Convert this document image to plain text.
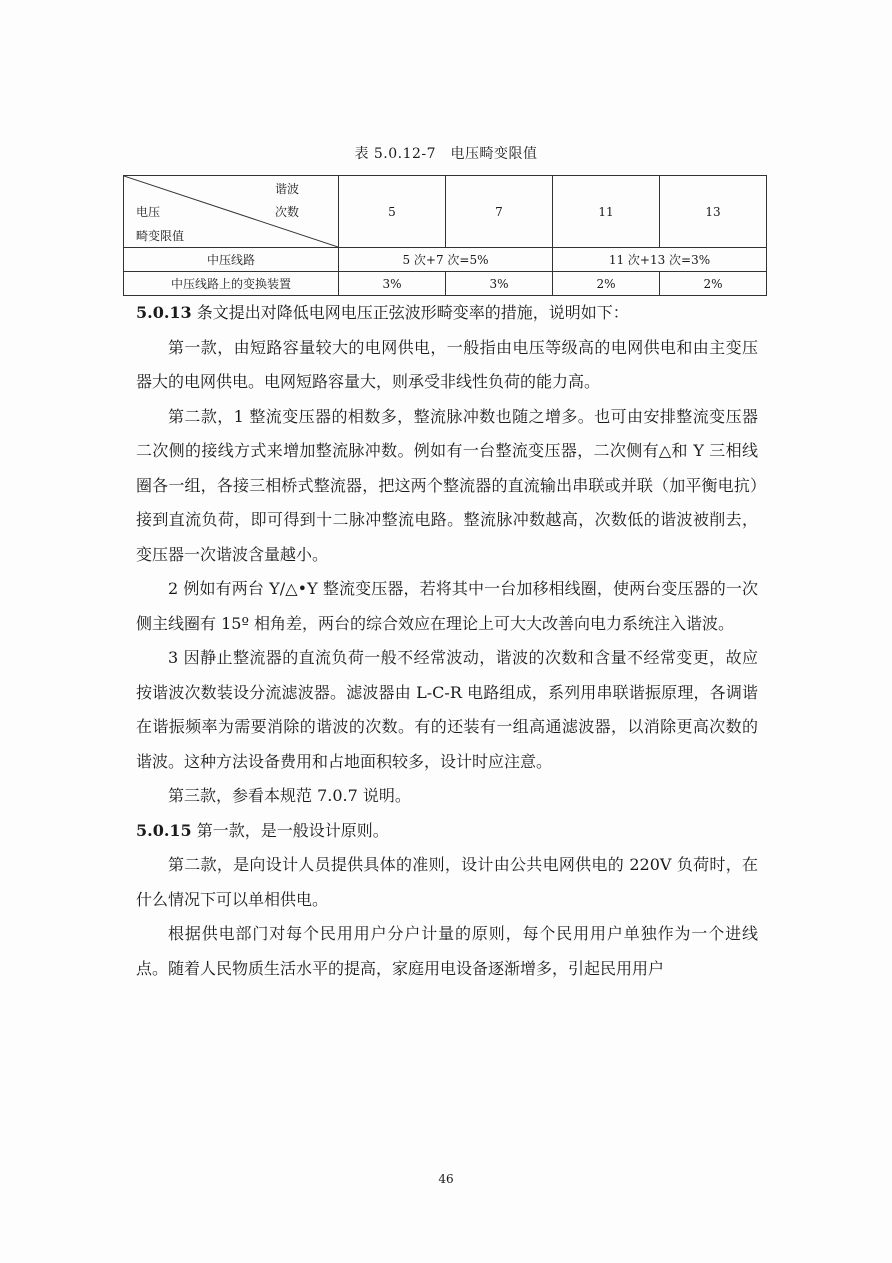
表 5.0.12-7　电压畸变限值
谐波
电压 次数
畸变限值	5	7	11	13
中压线路	5 次+7 次=5%		11 次+13 次=3%	
中压线路上的变换装置	3%	3%	2%	2%

5.0.13 条文提出对降低电网电压正弦波形畸变率的措施，说明如下：

第一款，由短路容量较大的电网供电，一般指由电压等级高的电网供电和由主变压器大的电网供电。电网短路容量大，则承受非线性负荷的能力高。

第二款，1 整流变压器的相数多，整流脉冲数也随之增多。也可由安排整流变压器二次侧的接线方式来增加整流脉冲数。例如有一台整流变压器，二次侧有△和 Y 三相线圈各一组，各接三相桥式整流器，把这两个整流器的直流输出串联或并联（加平衡电抗）接到直流负荷，即可得到十二脉冲整流电路。整流脉冲数越高，次数低的谐波被削去，变压器一次谐波含量越小。

2 例如有两台 Y/△•Y 整流变压器，若将其中一台加移相线圈，使两台变压器的一次侧主线圈有 15º 相角差，两台的综合效应在理论上可大大改善向电力系统注入谐波。

3 因静止整流器的直流负荷一般不经常波动，谐波的次数和含量不经常变更，故应按谐波次数装设分流滤波器。滤波器由 L-C-R 电路组成，系列用串联谐振原理，各调谐在谐振频率为需要消除的谐波的次数。有的还装有一组高通滤波器，以消除更高次数的谐波。这种方法设备费用和占地面积较多，设计时应注意。

第三款，参看本规范 7.0.7 说明。

5.0.15 第一款，是一般设计原则。

第二款，是向设计人员提供具体的准则，设计由公共电网供电的 220V 负荷时，在什么情况下可以单相供电。

根据供电部门对每个民用用户分户计量的原则，每个民用用户单独作为一个进线点。随着人民物质生活水平的提高，家庭用电设备逐渐增多，引起民用用户

46
